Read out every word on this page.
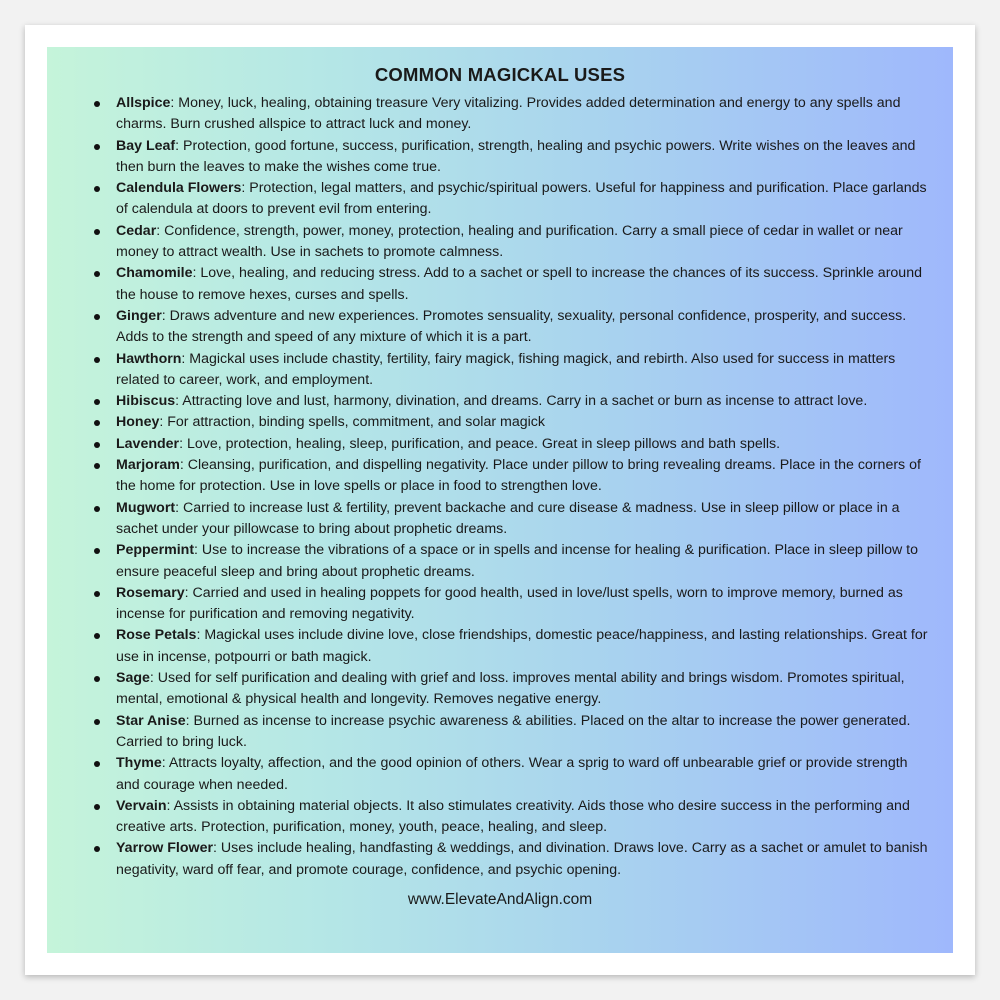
COMMON MAGICKAL USES
Allspice: Money, luck, healing, obtaining treasure Very vitalizing. Provides added determination and energy to any spells and charms. Burn crushed allspice to attract luck and money.
Bay Leaf: Protection, good fortune, success, purification, strength, healing and psychic powers. Write wishes on the leaves and then burn the leaves to make the wishes come true.
Calendula Flowers: Protection, legal matters, and psychic/spiritual powers. Useful for happiness and purification. Place garlands of calendula at doors to prevent evil from entering.
Cedar: Confidence, strength, power, money, protection, healing and purification. Carry a small piece of cedar in wallet or near money to attract wealth. Use in sachets to promote calmness.
Chamomile: Love, healing, and reducing stress. Add to a sachet or spell to increase the chances of its success. Sprinkle around the house to remove hexes, curses and spells.
Ginger: Draws adventure and new experiences. Promotes sensuality, sexuality, personal confidence, prosperity, and success. Adds to the strength and speed of any mixture of which it is a part.
Hawthorn: Magickal uses include chastity, fertility, fairy magick, fishing magick, and rebirth. Also used for success in matters related to career, work, and employment.
Hibiscus: Attracting love and lust, harmony, divination, and dreams. Carry in a sachet or burn as incense to attract love.
Honey: For attraction, binding spells, commitment, and solar magick
Lavender: Love, protection, healing, sleep, purification, and peace. Great in sleep pillows and bath spells.
Marjoram: Cleansing, purification, and dispelling negativity. Place under pillow to bring revealing dreams. Place in the corners of the home for protection. Use in love spells or place in food to strengthen love.
Mugwort: Carried to increase lust & fertility, prevent backache and cure disease & madness. Use in sleep pillow or place in a sachet under your pillowcase to bring about prophetic dreams.
Peppermint: Use to increase the vibrations of a space or in spells and incense for healing & purification. Place in sleep pillow to ensure peaceful sleep and bring about prophetic dreams.
Rosemary: Carried and used in healing poppets for good health, used in love/lust spells, worn to improve memory, burned as incense for purification and removing negativity.
Rose Petals: Magickal uses include divine love, close friendships, domestic peace/happiness, and lasting relationships. Great for use in incense, potpourri or bath magick.
Sage: Used for self purification and dealing with grief and loss. improves mental ability and brings wisdom. Promotes spiritual, mental, emotional & physical health and longevity. Removes negative energy.
Star Anise: Burned as incense to increase psychic awareness & abilities. Placed on the altar to increase the power generated. Carried to bring luck.
Thyme: Attracts loyalty, affection, and the good opinion of others. Wear a sprig to ward off unbearable grief or provide strength and courage when needed.
Vervain: Assists in obtaining material objects. It also stimulates creativity. Aids those who desire success in the performing and creative arts. Protection, purification, money, youth, peace, healing, and sleep.
Yarrow Flower: Uses include healing, handfasting & weddings, and divination. Draws love. Carry as a sachet or amulet to banish negativity, ward off fear, and promote courage, confidence, and psychic opening.
www.ElevateAndAlign.com
